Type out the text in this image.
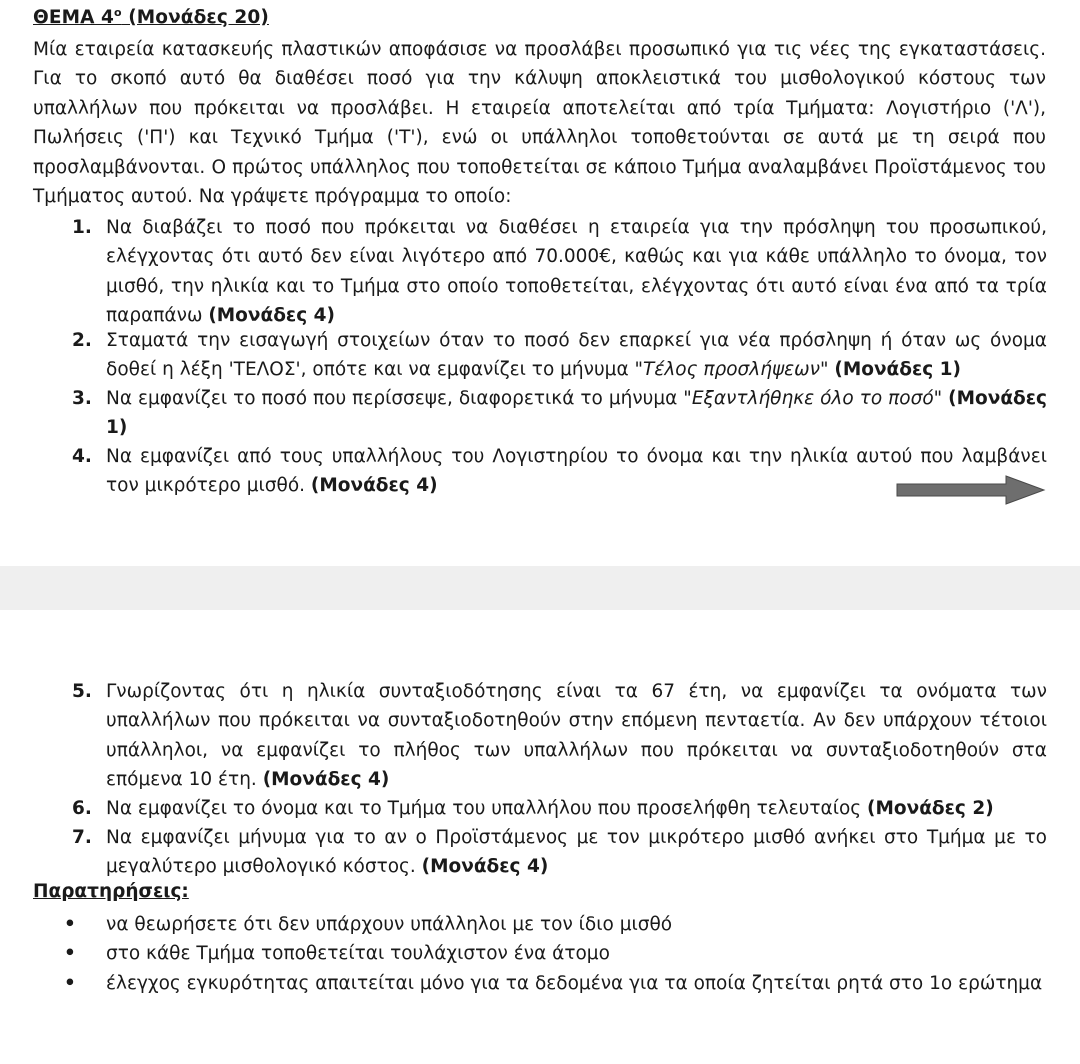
ΘΕΜΑ $4^o$ (Μονάδες 20)
Μία εταιρεία κατασκευής πλαστικών αποφάσισε να προσλάβει προσωπικό για τις νέες της εγκαταστάσεις. Για το σκοπό αυτό θα διαθέσει ποσό για την κάλυψη αποκλειστικά του μισθολογικού κόστους των υπαλλήλων που πρόκειται να προσλάβει. Η εταιρεία αποτελείται από τρία Τμήματα: Λογιστήριο ('Λ'), Πωλήσεις ('Π') και Τεχνικό Τμήμα ('Τ'), ενώ οι υπάλληλοι τοποθετούνται σε αυτά με τη σειρά που προσλαμβάνονται. Ο πρώτος υπάλληλος που τοποθετείται σε κάποιο Τμήμα αναλαμβάνει Προϊστάμενος του Τμήματος αυτού. Να γράψετε πρόγραμμα το οποίο:
1. Να διαβάζει το ποσό που πρόκειται να διαθέσει η εταιρεία για την πρόσληψη του προσωπικού, ελέγχοντας ότι αυτό δεν είναι λιγότερο από 70.000€, καθώς και για κάθε υπάλληλο το όνομα, τον μισθό, την ηλικία και το Τμήμα στο οποίο τοποθετείται, ελέγχοντας ότι αυτό είναι ένα από τα τρία παραπάνω (Μονάδες 4)
2. Σταματά την εισαγωγή στοιχείων όταν το ποσό δεν επαρκεί για νέα πρόσληψη ή όταν ως όνομα δοθεί η λέξη 'ΤΕΛΟΣ', οπότε και να εμφανίζει το μήνυμα "Τέλος προσλήψεων" (Μονάδες 1)
3. Να εμφανίζει το ποσό που περίσσεψε, διαφορετικά το μήνυμα "Εξαντλήθηκε όλο το ποσό" (Μονάδες 1)
4. Να εμφανίζει από τους υπαλλήλους του Λογιστηρίου το όνομα και την ηλικία αυτού που λαμβάνει τον μικρότερο μισθό. (Μονάδες 4)
5. Γνωρίζοντας ότι η ηλικία συνταξιοδότησης είναι τα 67 έτη, να εμφανίζει τα ονόματα των υπαλλήλων που πρόκειται να συνταξιοδοτηθούν στην επόμενη πενταετία. Αν δεν υπάρχουν τέτοιοι υπάλληλοι, να εμφανίζει το πλήθος των υπαλλήλων που πρόκειται να συνταξιοδοτηθούν στα επόμενα 10 έτη. (Μονάδες 4)
6. Να εμφανίζει το όνομα και το Τμήμα του υπαλλήλου που προσελήφθη τελευταίος (Μονάδες 2)
7. Να εμφανίζει μήνυμα για το αν ο Προϊστάμενος με τον μικρότερο μισθό ανήκει στο Τμήμα με το μεγαλύτερο μισθολογικό κόστος. (Μονάδες 4)
Παρατηρήσεις:
• να θεωρήσετε ότι δεν υπάρχουν υπάλληλοι με τον ίδιο μισθό
• στο κάθε Τμήμα τοποθετείται τουλάχιστον ένα άτομο
• έλεγχος εγκυρότητας απαιτείται μόνο για τα δεδομένα για τα οποία ζητείται ρητά στο 1ο ερώτημα
